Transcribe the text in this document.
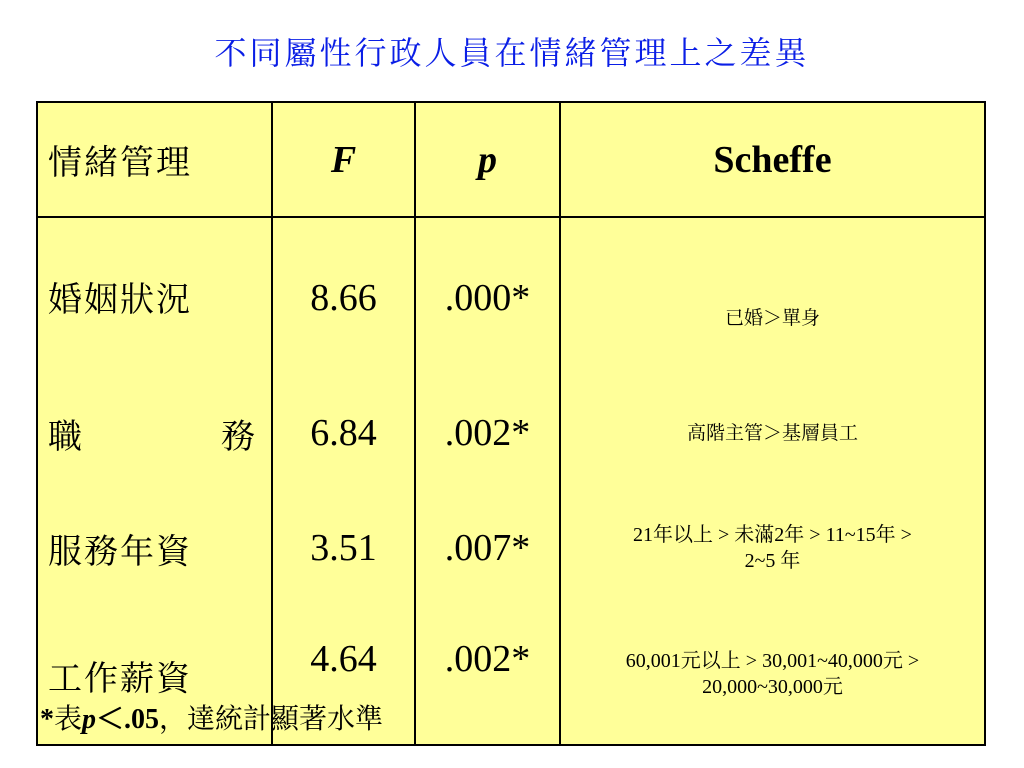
不同屬性行政人員在情緒管理上之差異
情緒管理	F	p	Scheffe
婚姻狀況	8.66	.000*	已婚＞單身

職 務	6.84	.002*	高階主管＞基層員工

服務年資	3.51	.007*	21年以上 > 未滿2年 > 11~15年 >
2~5 年

工作薪資	4.64	.002*	60,001元以上 > 30,001~40,000元 >
20,000~30,000元
*表p＜.05，達統計顯著水準
